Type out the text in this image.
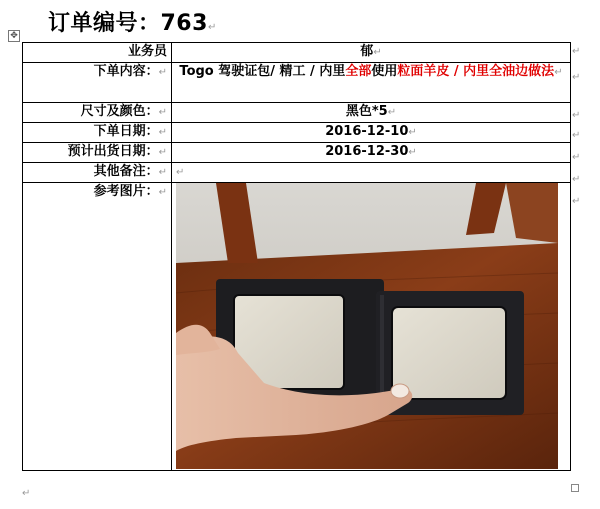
订单编号：763↵
✥
业务员	郁↵
下单内容：↵	Togo 驾驶证包/ 精工 / 内里全部使用粒面羊皮 / 内里全油边做法↵
尺寸及颜色：↵	黑色*5↵
下单日期：↵	2016-12-10↵
预计出货日期：↵	2016-12-30↵
其他备注：↵	↵
参考图片：↵	
↵
↵
↵
↵
↵
↵
↵
↵
